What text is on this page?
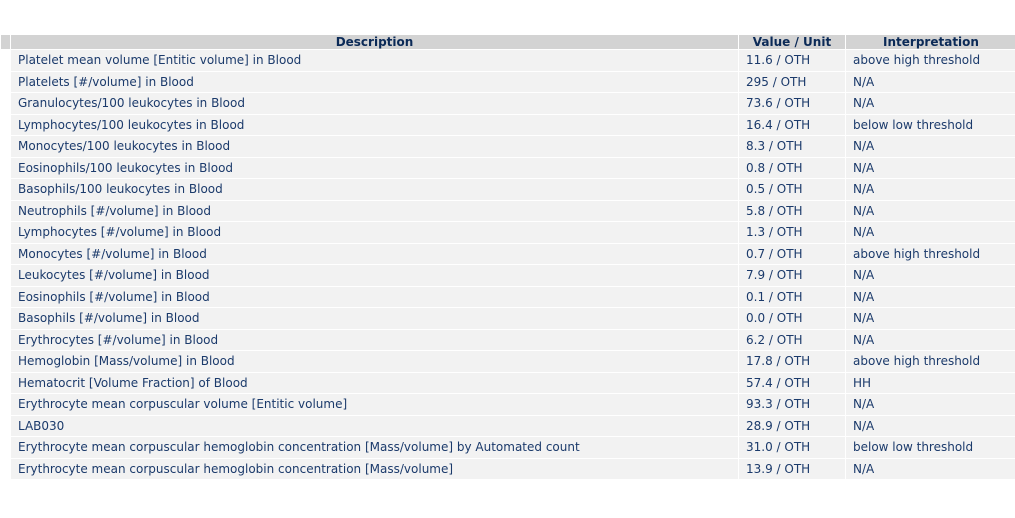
	Description	Value / Unit	Interpretation
	Platelet mean volume [Entitic volume] in Blood	11.6 / OTH	above high threshold
	Platelets [#/volume] in Blood	295 / OTH	N/A
	Granulocytes/100 leukocytes in Blood	73.6 / OTH	N/A
	Lymphocytes/100 leukocytes in Blood	16.4 / OTH	below low threshold
	Monocytes/100 leukocytes in Blood	8.3 / OTH	N/A
	Eosinophils/100 leukocytes in Blood	0.8 / OTH	N/A
	Basophils/100 leukocytes in Blood	0.5 / OTH	N/A
	Neutrophils [#/volume] in Blood	5.8 / OTH	N/A
	Lymphocytes [#/volume] in Blood	1.3 / OTH	N/A
	Monocytes [#/volume] in Blood	0.7 / OTH	above high threshold
	Leukocytes [#/volume] in Blood	7.9 / OTH	N/A
	Eosinophils [#/volume] in Blood	0.1 / OTH	N/A
	Basophils [#/volume] in Blood	0.0 / OTH	N/A
	Erythrocytes [#/volume] in Blood	6.2 / OTH	N/A
	Hemoglobin [Mass/volume] in Blood	17.8 / OTH	above high threshold
	Hematocrit [Volume Fraction] of Blood	57.4 / OTH	HH
	Erythrocyte mean corpuscular volume [Entitic volume]	93.3 / OTH	N/A
	LAB030	28.9 / OTH	N/A
	Erythrocyte mean corpuscular hemoglobin concentration [Mass/volume] by Automated count	31.0 / OTH	below low threshold
	Erythrocyte mean corpuscular hemoglobin concentration [Mass/volume]	13.9 / OTH	N/A
